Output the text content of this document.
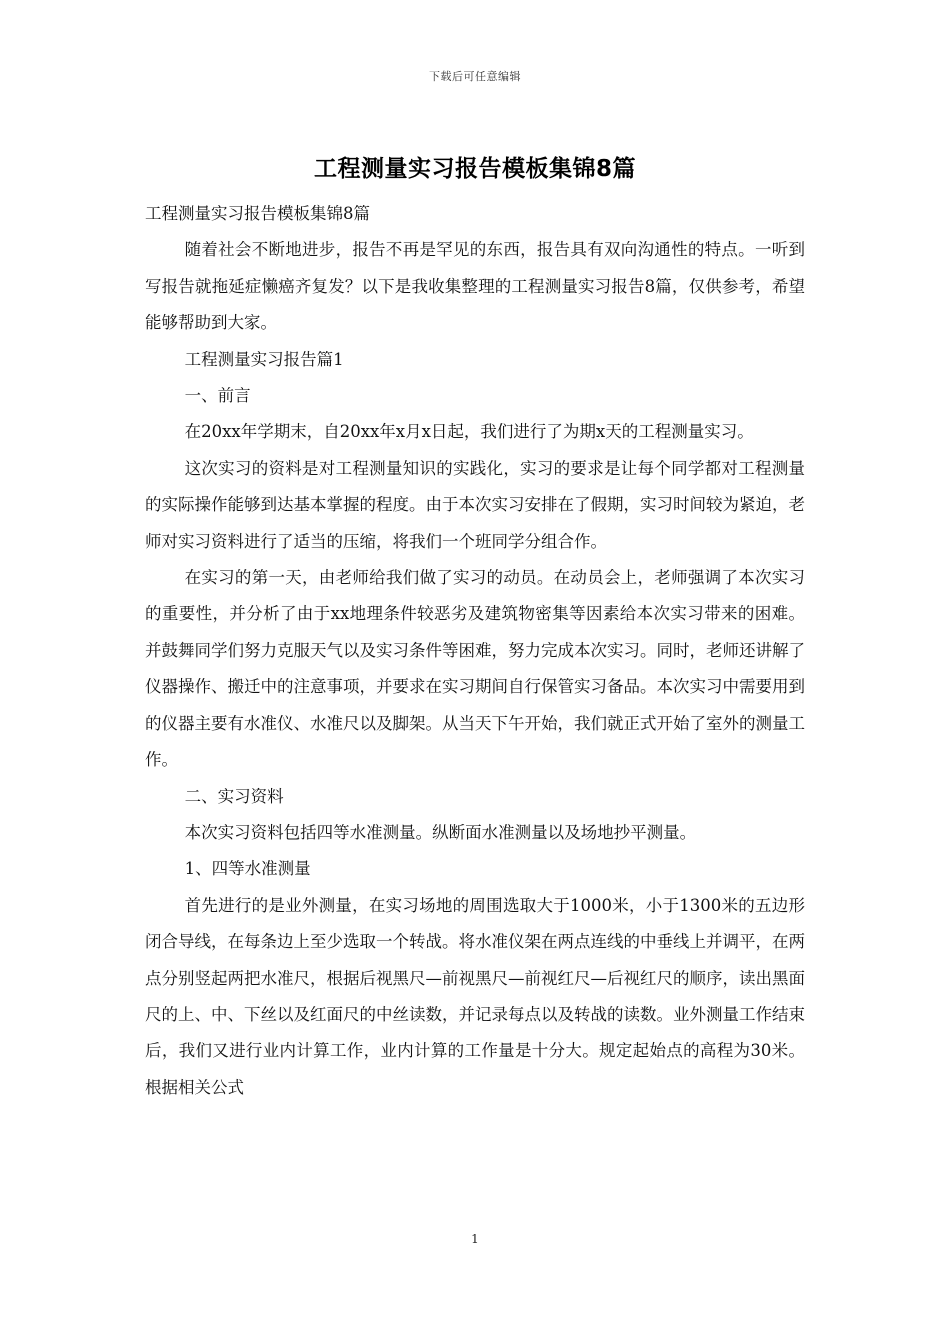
下载后可任意编辑
工程测量实习报告模板集锦8篇

工程测量实习报告模板集锦8篇

随着社会不断地进步，报告不再是罕见的东西，报告具有双向沟通性的特点。一听到写报告就拖延症懒癌齐复发？以下是我收集整理的工程测量实习报告8篇，仅供参考，希望能够帮助到大家。

工程测量实习报告篇1

一、前言

在20xx年学期末，自20xx年x月x日起，我们进行了为期x天的工程测量实习。

这次实习的资料是对工程测量知识的实践化，实习的要求是让每个同学都对工程测量的实际操作能够到达基本掌握的程度。由于本次实习安排在了假期，实习时间较为紧迫，老师对实习资料进行了适当的压缩，将我们一个班同学分组合作。

在实习的第一天，由老师给我们做了实习的动员。在动员会上，老师强调了本次实习的重要性，并分析了由于xx地理条件较恶劣及建筑物密集等因素给本次实习带来的困难。并鼓舞同学们努力克服天气以及实习条件等困难，努力完成本次实习。同时，老师还讲解了仪器操作、搬迁中的注意事项，并要求在实习期间自行保管实习备品。本次实习中需要用到的仪器主要有水准仪、水准尺以及脚架。从当天下午开始，我们就正式开始了室外的测量工作。

二、实习资料

本次实习资料包括四等水准测量。纵断面水准测量以及场地抄平测量。

1、四等水准测量

首先进行的是业外测量，在实习场地的周围选取大于1000米，小于1300米的五边形闭合导线，在每条边上至少选取一个转战。将水准仪架在两点连线的中垂线上并调平，在两点分别竖起两把水准尺，根据后视黑尺—前视黑尺—前视红尺—后视红尺的顺序，读出黑面尺的上、中、下丝以及红面尺的中丝读数，并记录每点以及转战的读数。业外测量工作结束后，我们又进行业内计算工作，业内计算的工作量是十分大。规定起始点的高程为30米。根据相关公式

1
